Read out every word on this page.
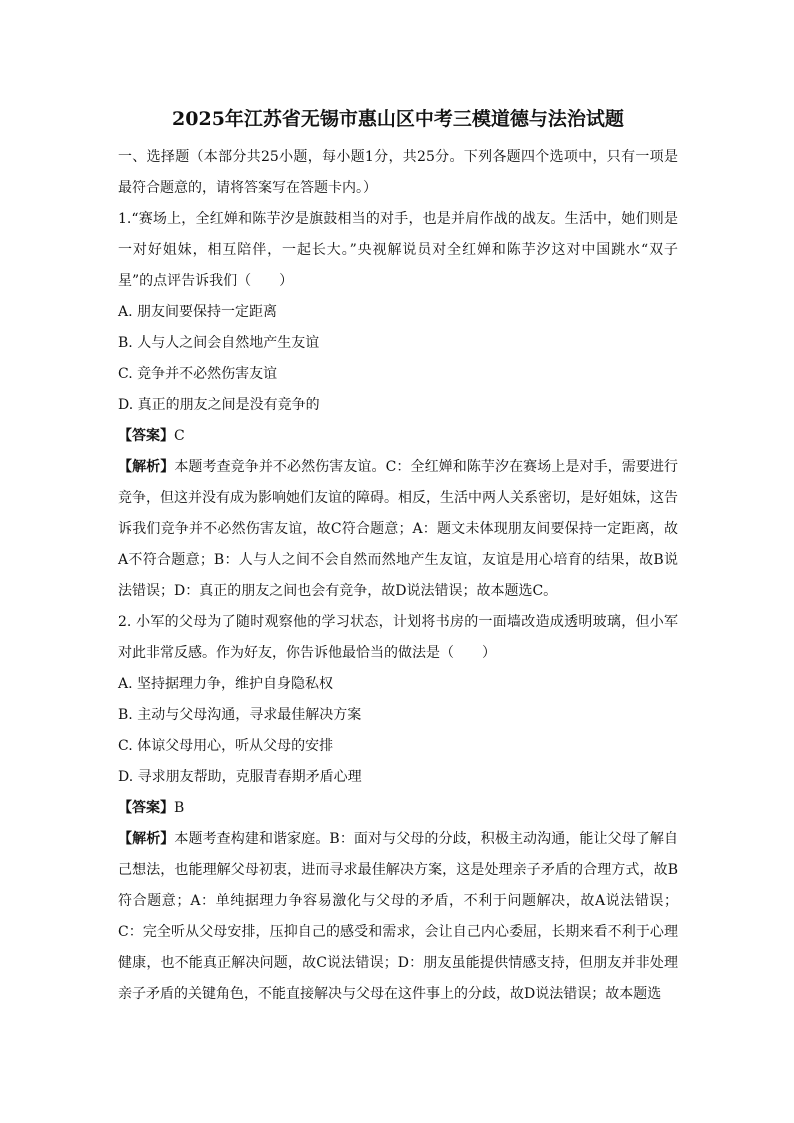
2025年江苏省无锡市惠山区中考三模道德与法治试题

一、选择题（本部分共25小题，每小题1分，共25分。下列各题四个选项中，只有一项是最符合题意的，请将答案写在答题卡内。）

1.“赛场上，全红婵和陈芋汐是旗鼓相当的对手，也是并肩作战的战友。生活中，她们则是一对好姐妹，相互陪伴，一起长大。”央视解说员对全红婵和陈芋汐这对中国跳水“双子星”的点评告诉我们（　　）

A. 朋友间要保持一定距离

B. 人与人之间会自然地产生友谊

C. 竞争并不必然伤害友谊

D. 真正的朋友之间是没有竞争的

【答案】C

【解析】本题考查竞争并不必然伤害友谊。C：全红婵和陈芋汐在赛场上是对手，需要进行竞争，但这并没有成为影响她们友谊的障碍。相反，生活中两人关系密切，是好姐妹，这告诉我们竞争并不必然伤害友谊，故C符合题意；A：题文未体现朋友间要保持一定距离，故A不符合题意；B：人与人之间不会自然而然地产生友谊，友谊是用心培育的结果，故B说法错误；D：真正的朋友之间也会有竞争，故D说法错误；故本题选C。

2. 小军的父母为了随时观察他的学习状态，计划将书房的一面墙改造成透明玻璃，但小军对此非常反感。作为好友，你告诉他最恰当的做法是（　　）

A. 坚持据理力争，维护自身隐私权

B. 主动与父母沟通，寻求最佳解决方案

C. 体谅父母用心，听从父母的安排

D. 寻求朋友帮助，克服青春期矛盾心理

【答案】B

【解析】本题考查构建和谐家庭。B：面对与父母的分歧，积极主动沟通，能让父母了解自己想法，也能理解父母初衷，进而寻求最佳解决方案，这是处理亲子矛盾的合理方式，故B符合题意；A：单纯据理力争容易激化与父母的矛盾，不利于问题解决，故A说法错误；C：完全听从父母安排，压抑自己的感受和需求，会让自己内心委屈，长期来看不利于心理健康，也不能真正解决问题，故C说法错误；D：朋友虽能提供情感支持，但朋友并非处理亲子矛盾的关键角色，不能直接解决与父母在这件事上的分歧，故D说法错误；故本题选
